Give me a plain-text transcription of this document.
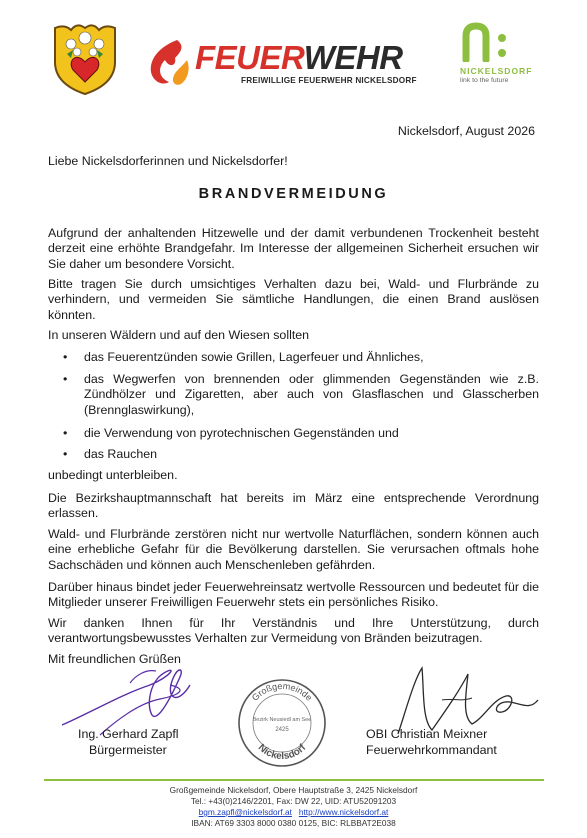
FEUERWEHR
FREIWILLIGE FEUERWEHR NICKELSDORF
NICKELSDORF
link to the future
Nickelsdorf, August 2026
Liebe Nickelsdorferinnen und Nickelsdorfer!
BRANDVERMEIDUNG
Aufgrund der anhaltenden Hitzewelle und der damit verbundenen Trockenheit besteht derzeit eine erhöhte Brandgefahr. Im Interesse der allgemeinen Sicherheit ersuchen wir Sie daher um besondere Vorsicht.
Bitte tragen Sie durch umsichtiges Verhalten dazu bei, Wald- und Flurbrände zu verhindern, und vermeiden Sie sämtliche Handlungen, die einen Brand auslösen könnten.
In unseren Wäldern und auf den Wiesen sollten
• das Feuerentzünden sowie Grillen, Lagerfeuer und Ähnliches,
• das Wegwerfen von brennenden oder glimmenden Gegenständen wie z.B. Zündhölzer und Zigaretten, aber auch von Glasflaschen und Glasscherben (Brennglaswirkung),
• die Verwendung von pyrotechnischen Gegenständen und
• das Rauchen
unbedingt unterbleiben.
Die Bezirkshauptmannschaft hat bereits im März eine entsprechende Verordnung erlassen.
Wald- und Flurbrände zerstören nicht nur wertvolle Naturflächen, sondern können auch eine erhebliche Gefahr für die Bevölkerung darstellen. Sie verursachen oftmals hohe Sachschäden und können auch Menschenleben gefährden.
Darüber hinaus bindet jeder Feuerwehreinsatz wertvolle Ressourcen und bedeutet für die Mitglieder unserer Freiwilligen Feuerwehr stets ein persönliches Risiko.
Wir danken Ihnen für Ihr Verständnis und Ihre Unterstützung, durch verantwortungsbewusstes Verhalten zur Vermeidung von Bränden beizutragen.
Mit freundlichen Grüßen
Ing. Gerhard Zapfl
Bürgermeister
Großgemeinde
Nickelsdorf
Bezirk Neusiedl am See
2425	OBI Christian Meixner
Feuerwehrkommandant
Großgemeinde Nickelsdorf, Obere Hauptstraße 3, 2425 Nickelsdorf
Tel.: +43(0)2146/2201, Fax: DW 22, UID: ATU52091203
bgm.zapfl@nickelsdorf.at http://www.nickelsdorf.at
IBAN: AT69 3303 8000 0380 0125, BIC: RLBBAT2E038
